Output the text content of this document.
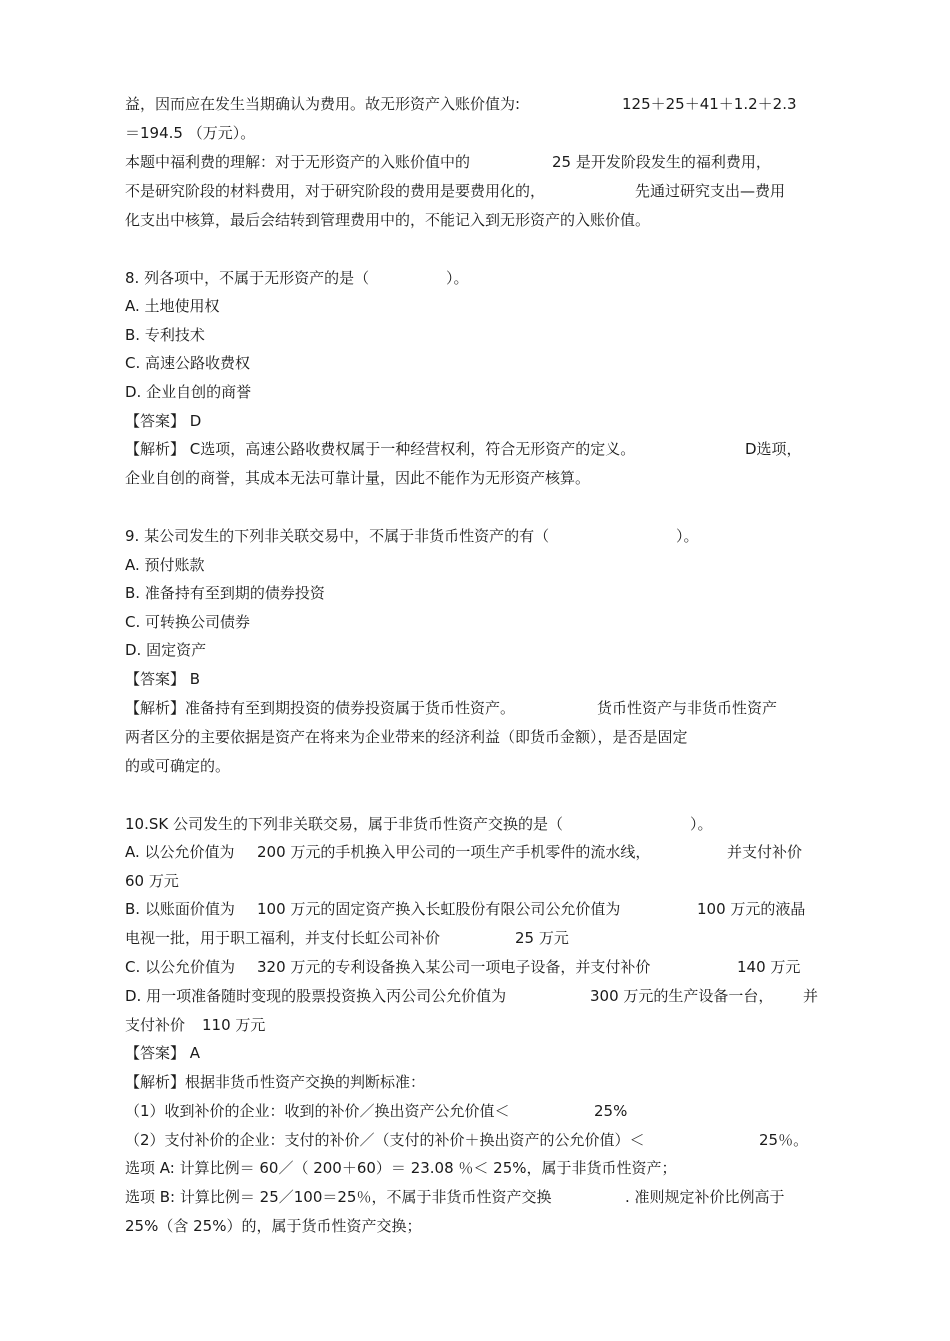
益，因而应在发生当期确认为费用。故无形资产入账价值为:	125＋25＋41＋1.2＋2.3
＝194.5 （万元）。
本题中福利费的理解：对于无形资产的入账价值中的	25 是开发阶段发生的福利费用，
不是研究阶段的材料费用，对于研究阶段的费用是要费用化的，	先通过研究支出—费用
化支出中核算，最后会结转到管理费用中的，不能记入到无形资产的入账价值。
8. 列各项中，不属于无形资产的是（	）。
A. 土地使用权
B. 专利技术
C. 高速公路收费权
D. 企业自创的商誉
【答案】 D
【解析】 C选项，高速公路收费权属于一种经营权利，符合无形资产的定义。	D选项，
企业自创的商誉，其成本无法可靠计量，因此不能作为无形资产核算。
9. 某公司发生的下列非关联交易中，不属于非货币性资产的有（	）。
A. 预付账款
B. 准备持有至到期的债券投资
C. 可转换公司债券
D. 固定资产
【答案】 B
【解析】准备持有至到期投资的债券投资属于货币性资产。	货币性资产与非货币性资产
两者区分的主要依据是资产在将来为企业带来的经济利益（即货币金额），是否是固定
的或可确定的。
10.SK 公司发生的下列非关联交易，属于非货币性资产交换的是（	）。
A. 以公允价值为 200 万元的手机换入甲公司的一项生产手机零件的流水线，	并支付补价
60 万元
B. 以账面价值为 100 万元的固定资产换入长虹股份有限公司公允价值为	100 万元的液晶
电视一批，用于职工福利，并支付长虹公司补价	25 万元
C. 以公允价值为 320 万元的专利设备换入某公司一项电子设备，并支付补价	140 万元
D. 用一项准备随时变现的股票投资换入丙公司公允价值为	300 万元的生产设备一台， 并
支付补价 110 万元
【答案】 A
【解析】根据非货币性资产交换的判断标准：
（1）收到补价的企业：收到的补价／换出资产公允价值＜	25%
（2）支付补价的企业：支付的补价／（支付的补价＋换出资产的公允价值）＜	25％。
选项 A: 计算比例＝ 60／（ 200＋60）＝ 23.08 ％＜ 25%，属于非货币性资产；
选项 B: 计算比例＝ 25／100＝25％，不属于非货币性资产交换	. 准则规定补价比例高于
25%（含 25%）的，属于货币性资产交换；
